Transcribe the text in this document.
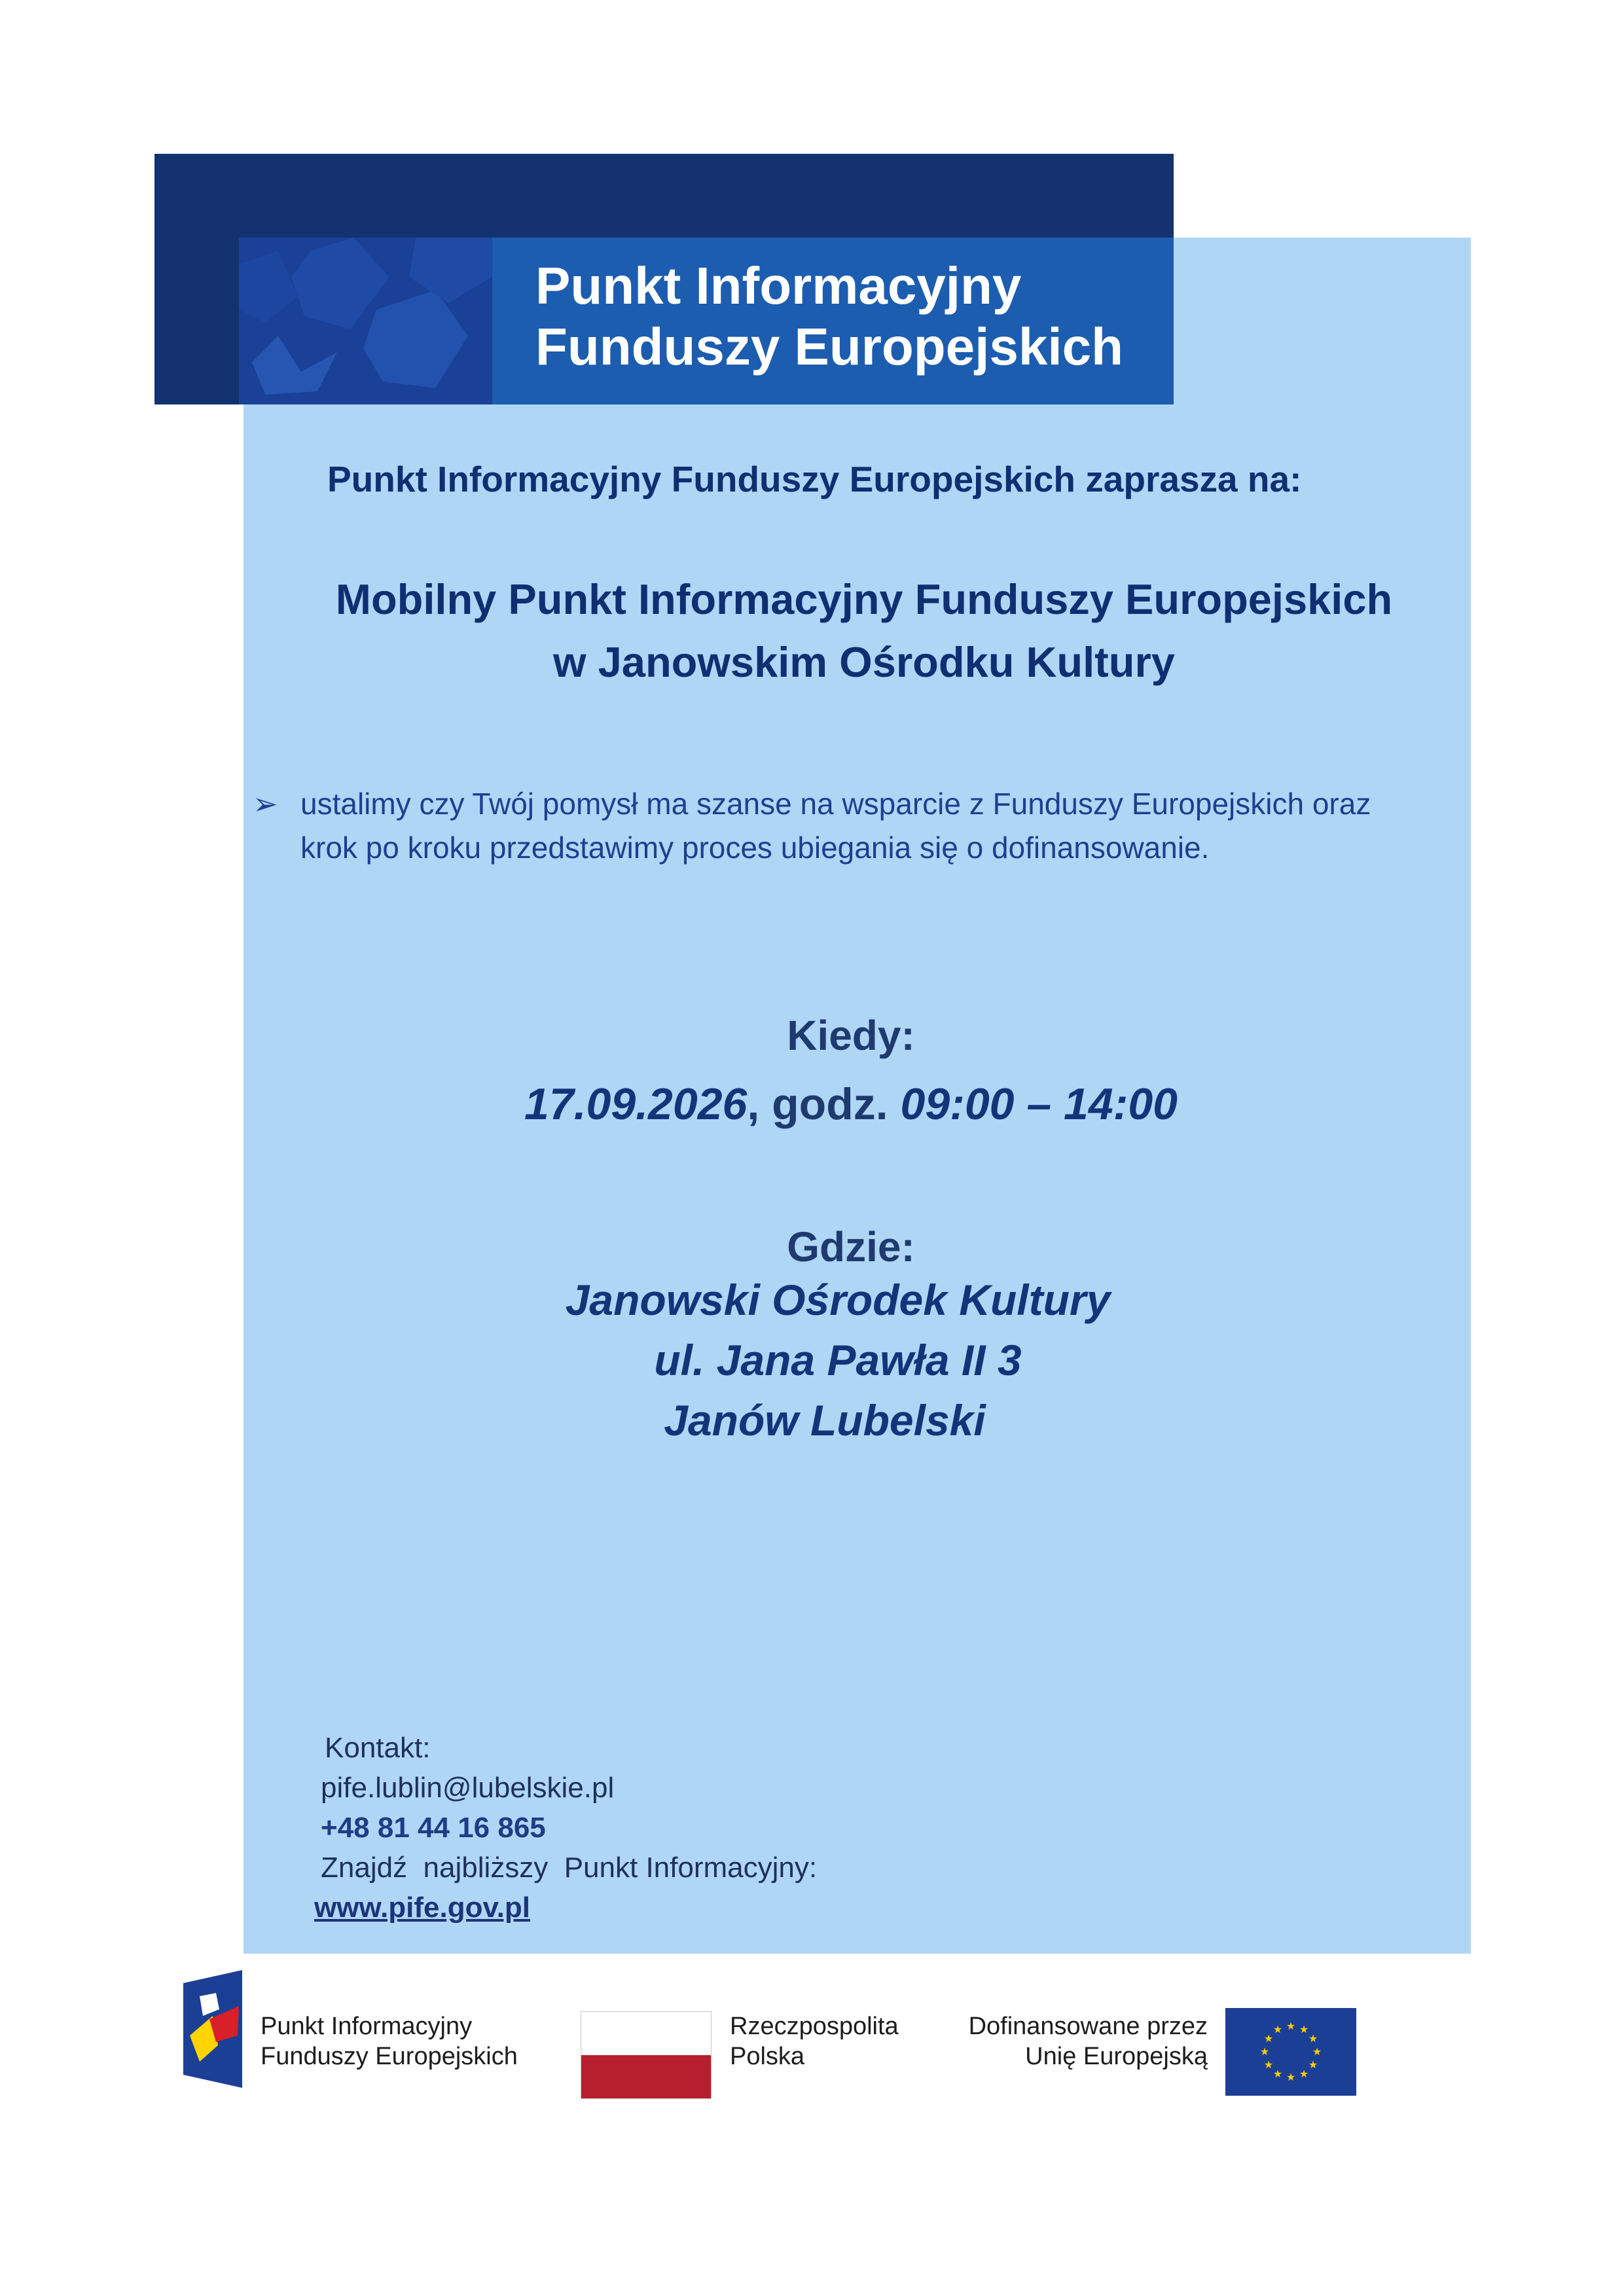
Punkt Informacyjny
Funduszy Europejskich
Punkt Informacyjny Funduszy Europejskich zaprasza na:
Mobilny Punkt Informacyjny Funduszy Europejskich
w Janowskim Ośrodku Kultury
➢ ustalimy czy Twój pomysł ma szanse na wsparcie z Funduszy Europejskich oraz
krok po kroku przedstawimy proces ubiegania się o dofinansowanie.
Kiedy:
17.09.2026, godz. 09:00 – 14:00
Gdzie:
Janowski Ośrodek Kultury
ul. Jana Pawła II 3
Janów Lubelski
Kontakt:
pife.lublin@lubelskie.pl
+48 81 44 16 865
Znajdź  najbliższy  Punkt Informacyjny:
www.pife.gov.pl
Punkt Informacyjny
Funduszy Europejskich
Rzeczpospolita
Polska
Dofinansowane przez
Unię Europejską
★ ★
★
★
★
★
★
★
★
★
★
★
